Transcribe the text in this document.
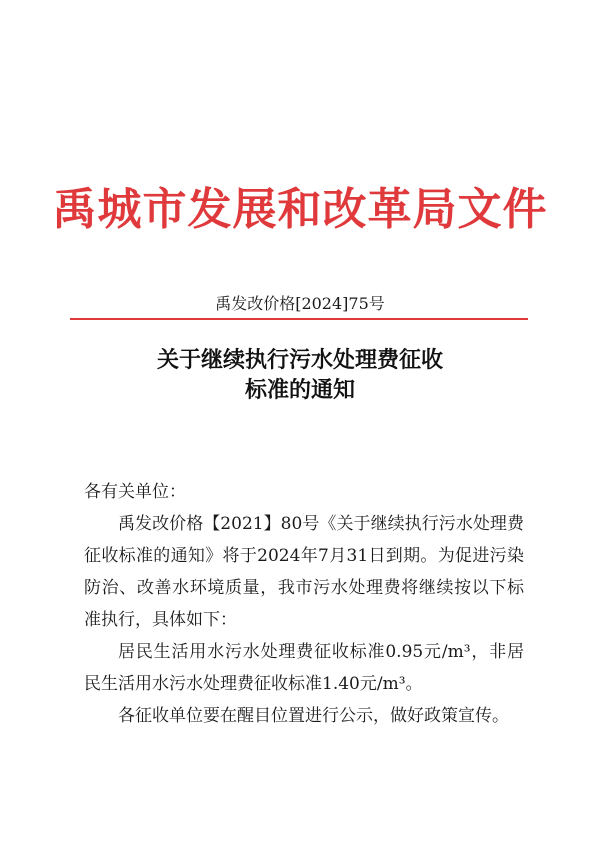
禹城市发展和改革局文件
禹发改价格[2024]75号
关于继续执行污水处理费征收
标准的通知
各有关单位：
禹发改价格【2021】80号《关于继续执行污水处理费征收标准的通知》将于2024年7月31日到期。为促进污染防治、改善水环境质量，我市污水处理费将继续按以下标准执行，具体如下：
居民生活用水污水处理费征收标准0.95元/m³，非居民生活用水污水处理费征收标准1.40元/m³。
各征收单位要在醒目位置进行公示，做好政策宣传。
